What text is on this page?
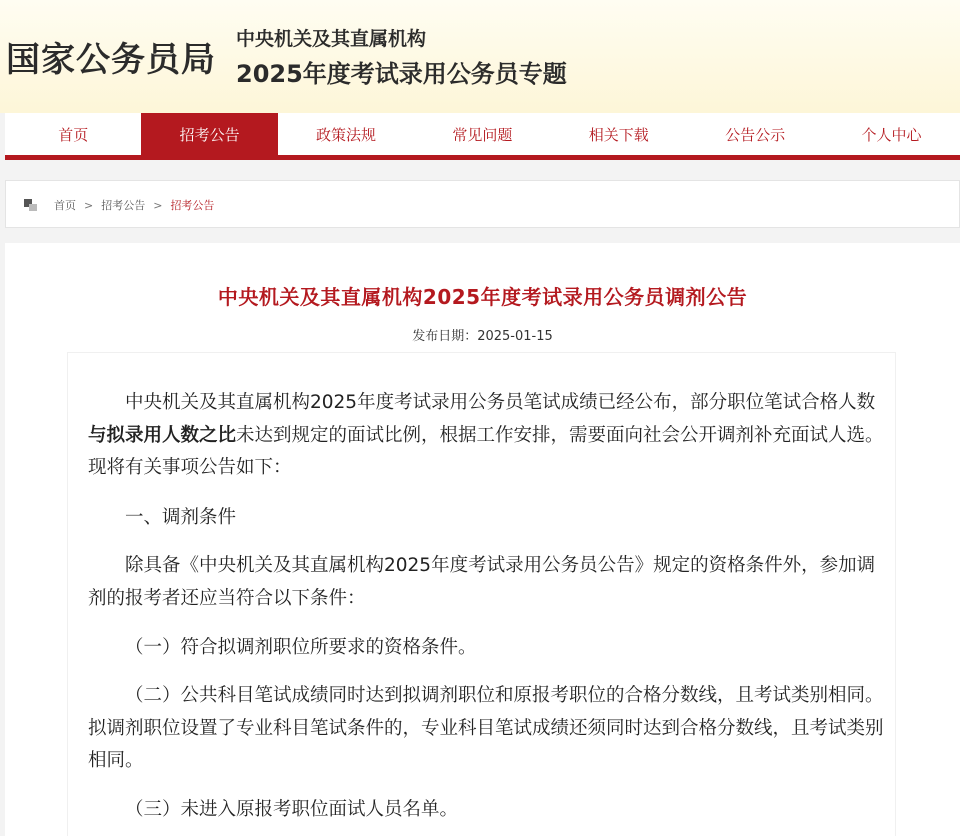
国家公务员局
中央机关及其直属机构
2025年度考试录用公务员专题
首页	招考公告	政策法规	常见问题	相关下载	公告公示	个人中心
首页 > 招考公告 > 招考公告
中央机关及其直属机构2025年度考试录用公务员调剂公告
发布日期：2025-01-15

中央机关及其直属机构2025年度考试录用公务员笔试成绩已经公布，部分职位笔试合格人数与拟录用人数之比未达到规定的面试比例，根据工作安排，需要面向社会公开调剂补充面试人选。现将有关事项公告如下：

一、调剂条件

除具备《中央机关及其直属机构2025年度考试录用公务员公告》规定的资格条件外，参加调剂的报考者还应当符合以下条件：

（一）符合拟调剂职位所要求的资格条件。

（二）公共科目笔试成绩同时达到拟调剂职位和原报考职位的合格分数线，且考试类别相同。拟调剂职位设置了专业科目笔试条件的，专业科目笔试成绩还须同时达到合格分数线，且考试类别相同。

（三）未进入原报考职位面试人员名单。
